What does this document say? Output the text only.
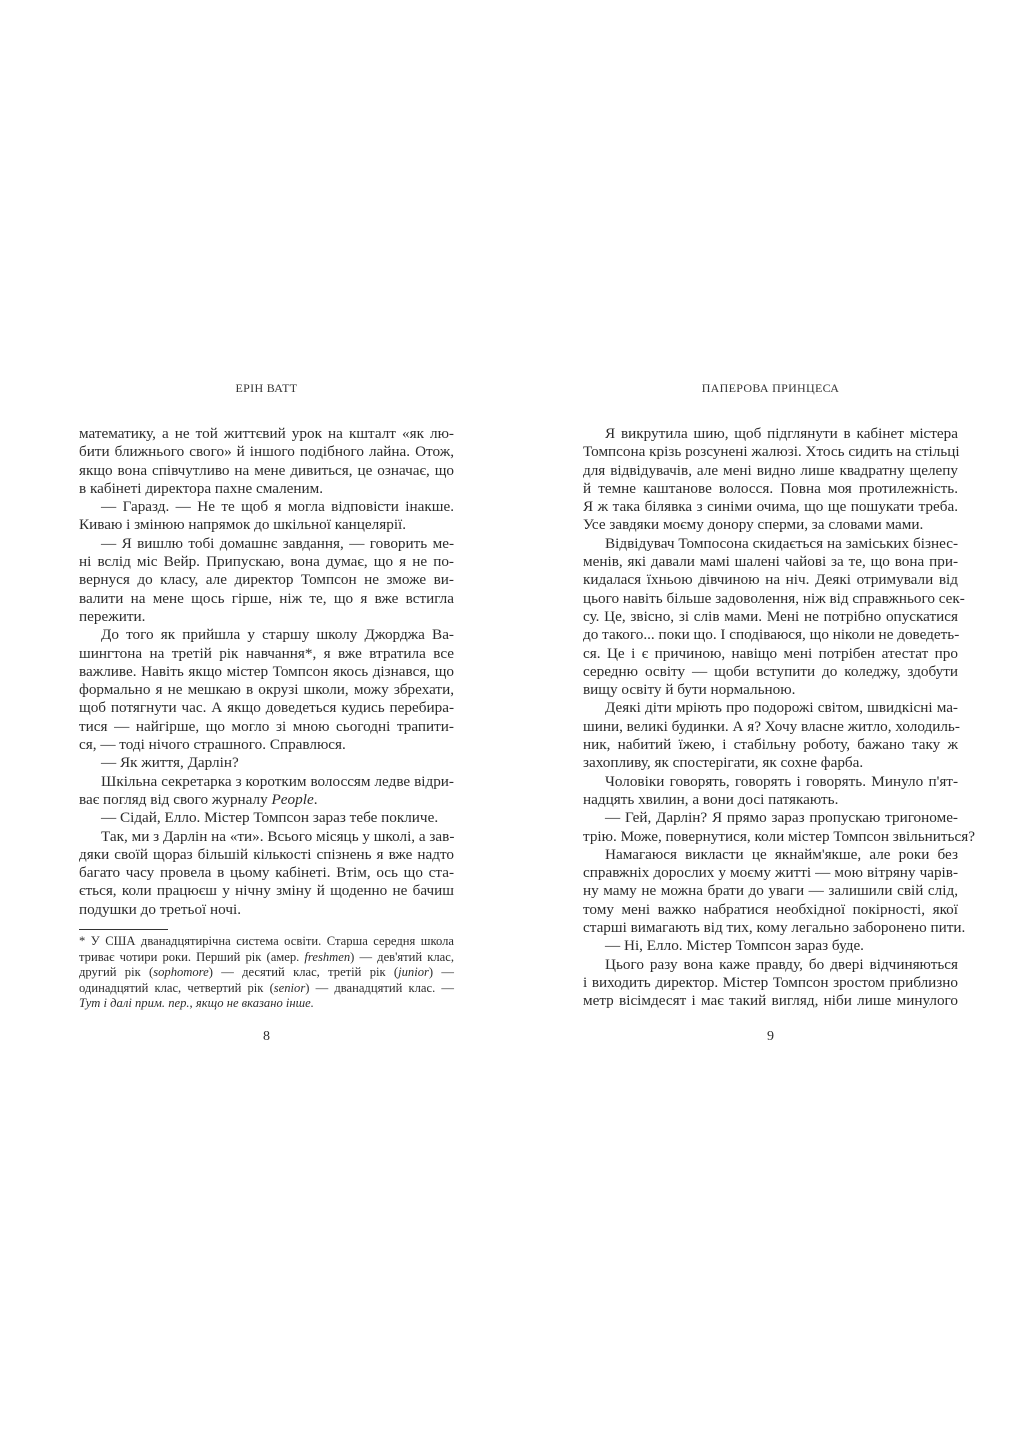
ЕРІН ВАТТ
математику, а не той життєвий урок на кшталт «як лю-
бити ближнього свого» й іншого подібного лайна. Отож,
якщо вона співчутливо на мене дивиться, це означає, що
в кабінеті директора пахне смаленим.
— Гаразд. — Не те щоб я могла відповісти інакше.
Киваю і змінюю напрямок до шкільної канцелярії.
— Я вишлю тобі домашнє завдання, — говорить ме-
ні вслід міс Вейр. Припускаю, вона думає, що я не по-
вернуся до класу, але директор Томпсон не зможе ви-
валити на мене щось гірше, ніж те, що я вже встигла
пережити.
До того як прийшла у старшу школу Джорджа Ва-
шингтона на третій рік навчання*, я вже втратила все
важливе. Навіть якщо містер Томпсон якось дізнався, що
формально я не мешкаю в окрузі школи, можу збрехати,
щоб потягнути час. А якщо доведеться кудись перебира-
тися — найгірше, що могло зі мною сьогодні трапити-
ся, — тоді нічого страшного. Справлюся.
— Як життя, Дарлін?
Шкільна секретарка з коротким волоссям ледве відри-
ває погляд від свого журналу People.
— Сідай, Елло. Містер Томпсон зараз тебе покличе.
Так, ми з Дарлін на «ти». Всього місяць у школі, а зав-
дяки своїй щораз більшій кількості спізнень я вже надто
багато часу провела в цьому кабінеті. Втім, ось що ста-
ється, коли працюєш у нічну зміну й щоденно не бачиш
подушки до третьої ночі.
* У США дванадцятирічна система освіти. Старша середня школа
триває чотири роки. Перший рік (амер. freshmen) — дев'ятий клас,
другий рік (sophomore) — десятий клас, третій рік (junior) —
одинадцятий клас, четвертий рік (senior) — дванадцятий клас. —
Тут і далі прим. пер., якщо не вказано інше.
8
ПАПЕРОВА ПРИНЦЕСА
Я викрутила шию, щоб підглянути в кабінет містера
Томпсона крізь розсунені жалюзі. Хтось сидить на стільці
для відвідувачів, але мені видно лише квадратну щелепу
й темне каштанове волосся. Повна моя протилежність.
Я ж така білявка з синіми очима, що ще пошукати треба.
Усе завдяки моєму донору сперми, за словами мами.
Відвідувач Томпосона скидається на заміських бізнес-
менів, які давали мамі шалені чайові за те, що вона при-
кидалася їхньою дівчиною на ніч. Деякі отримували від
цього навіть більше задоволення, ніж від справжнього сек-
су. Це, звісно, зі слів мами. Мені не потрібно опускатися
до такого... поки що. І сподіваюся, що ніколи не доведеть-
ся. Це і є причиною, навіщо мені потрібен атестат про
середню освіту — щоби вступити до коледжу, здобути
вищу освіту й бути нормальною.
Деякі діти мріють про подорожі світом, швидкісні ма-
шини, великі будинки. А я? Хочу власне житло, холодиль-
ник, набитий їжею, і стабільну роботу, бажано таку ж
захопливу, як спостерігати, як сохне фарба.
Чоловіки говорять, говорять і говорять. Минуло п'ят-
надцять хвилин, а вони досі патякають.
— Гей, Дарлін? Я прямо зараз пропускаю тригономе-
трію. Може, повернутися, коли містер Томпсон звільниться?
Намагаюся викласти це якнайм'якше, але роки без
справжніх дорослих у моєму житті — мою вітряну чарів-
ну маму не можна брати до уваги — залишили свій слід,
тому мені важко набратися необхідної покірності, якої
старші вимагають від тих, кому легально заборонено пити.
— Ні, Елло. Містер Томпсон зараз буде.
Цього разу вона каже правду, бо двері відчиняються
і виходить директор. Містер Томпсон зростом приблизно
метр вісімдесят і має такий вигляд, ніби лише минулого
9
